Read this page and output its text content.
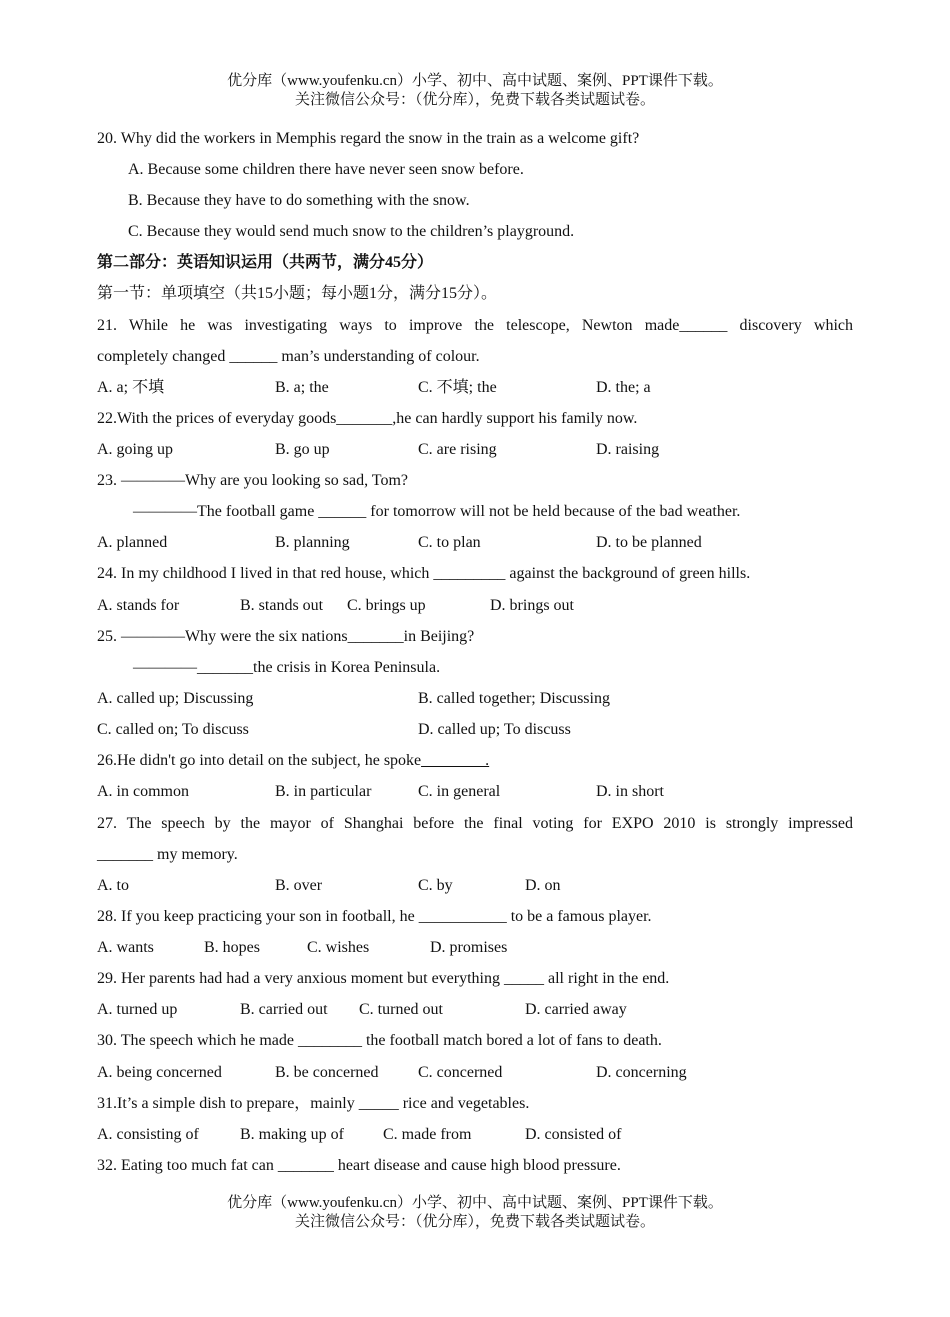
优分库（www.youfenku.cn）小学、初中、高中试题、案例、PPT课件下载。
关注微信公众号：（优分库），免费下载各类试题试卷。
20. Why did the workers in Memphis regard the snow in the train as a welcome gift?
A. Because some children there have never seen snow before.
B. Because they have to do something with the snow.
C. Because they would send much snow to the children’s playground.
第二部分：英语知识运用（共两节，满分45分）
第一节：单项填空（共15小题；每小题1分，满分15分）。
21. While he was investigating ways to improve the telescope, Newton made______ discovery which
completely changed ______ man’s understanding of colour.
A. a; 不填	B. a; the	C. 不填; the	D. the; a
22.With the prices of everyday goods_______,he can hardly support his family now.
A. going up	B. go up	C. are rising	D. raising
23. ————Why are you looking so sad, Tom?
————The football game ______ for tomorrow will not be held because of the bad weather.
A. planned	B. planning	C. to plan	D. to be planned
24. In my childhood I lived in that red house, which _________ against the background of green hills.
A. stands for	B. stands out C. brings up	D. brings out
25. ————Why were the six nations_______in Beijing?
————_______the crisis in Korea Peninsula.
A. called up; Discussing	B. called together; Discussing
C. called on; To discuss	D. called up; To discuss
26.He didn't go into detail on the subject, he spoke________.
A. in common	B. in particular	C. in general	D. in short
27. The speech by the mayor of Shanghai before the final voting for EXPO 2010 is strongly impressed
_______ my memory.
A. to	B. over	C. by	D. on
28. If you keep practicing your son in football, he ___________ to be a famous player.
A. wants	B. hopes	C. wishes	D. promises
29. Her parents had had a very anxious moment but everything _____ all right in the end.
A. turned up	B. carried out C. turned out	D. carried away
30. The speech which he made ________ the football match bored a lot of fans to death.
A. being concerned	B. be concerned C. concerned	D. concerning
31.It’s a simple dish to prepare，mainly _____ rice and vegetables.
A. consisting of	B. making up of C. made from	D. consisted of
32. Eating too much fat can _______ heart disease and cause high blood pressure.
优分库（www.youfenku.cn）小学、初中、高中试题、案例、PPT课件下载。
关注微信公众号：（优分库），免费下载各类试题试卷。
